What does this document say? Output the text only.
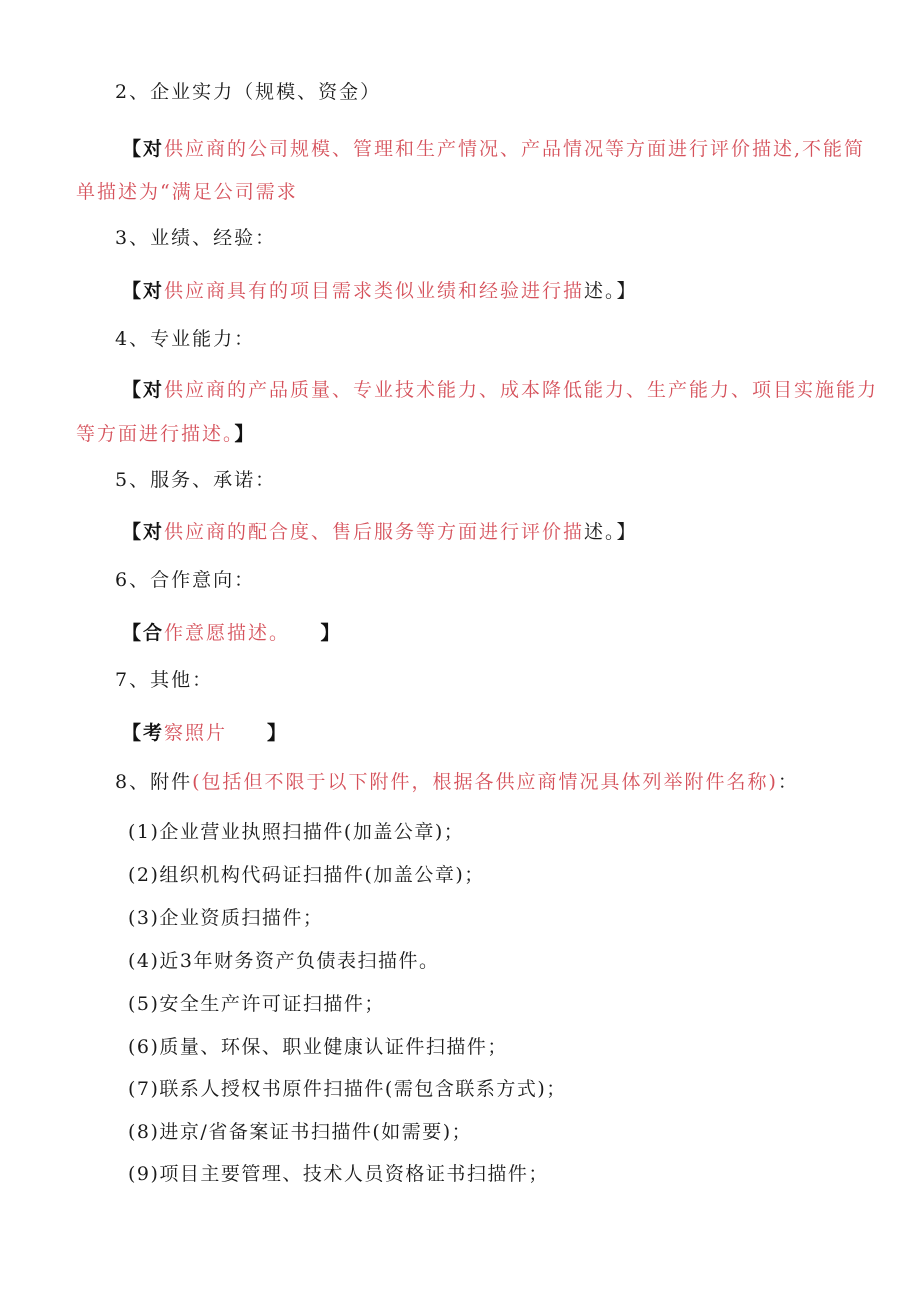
2、企业实力（规模、资金）
【对供应商的公司规模、管理和生产情况、产品情况等方面进行评价描述,不能简
单描述为“满足公司需求
3、业绩、经验：
【对供应商具有的项目需求类似业绩和经验进行描述。】
4、专业能力：
【对供应商的产品质量、专业技术能力、成本降低能力、生产能力、项目实施能力
等方面进行描述。】
5、服务、承诺：
【对供应商的配合度、售后服务等方面进行评价描述。】
6、合作意向：
【合作意愿描述。 】
7、其他：
【考察照片 】
8、附件(包括但不限于以下附件，根据各供应商情况具体列举附件名称)：
(1)企业营业执照扫描件(加盖公章)；
(2)组织机构代码证扫描件(加盖公章)；
(3)企业资质扫描件；
(4)近3年财务资产负债表扫描件。
(5)安全生产许可证扫描件；
(6)质量、环保、职业健康认证件扫描件；
(7)联系人授权书原件扫描件(需包含联系方式)；
(8)进京/省备案证书扫描件(如需要)；
(9)项目主要管理、技术人员资格证书扫描件；
